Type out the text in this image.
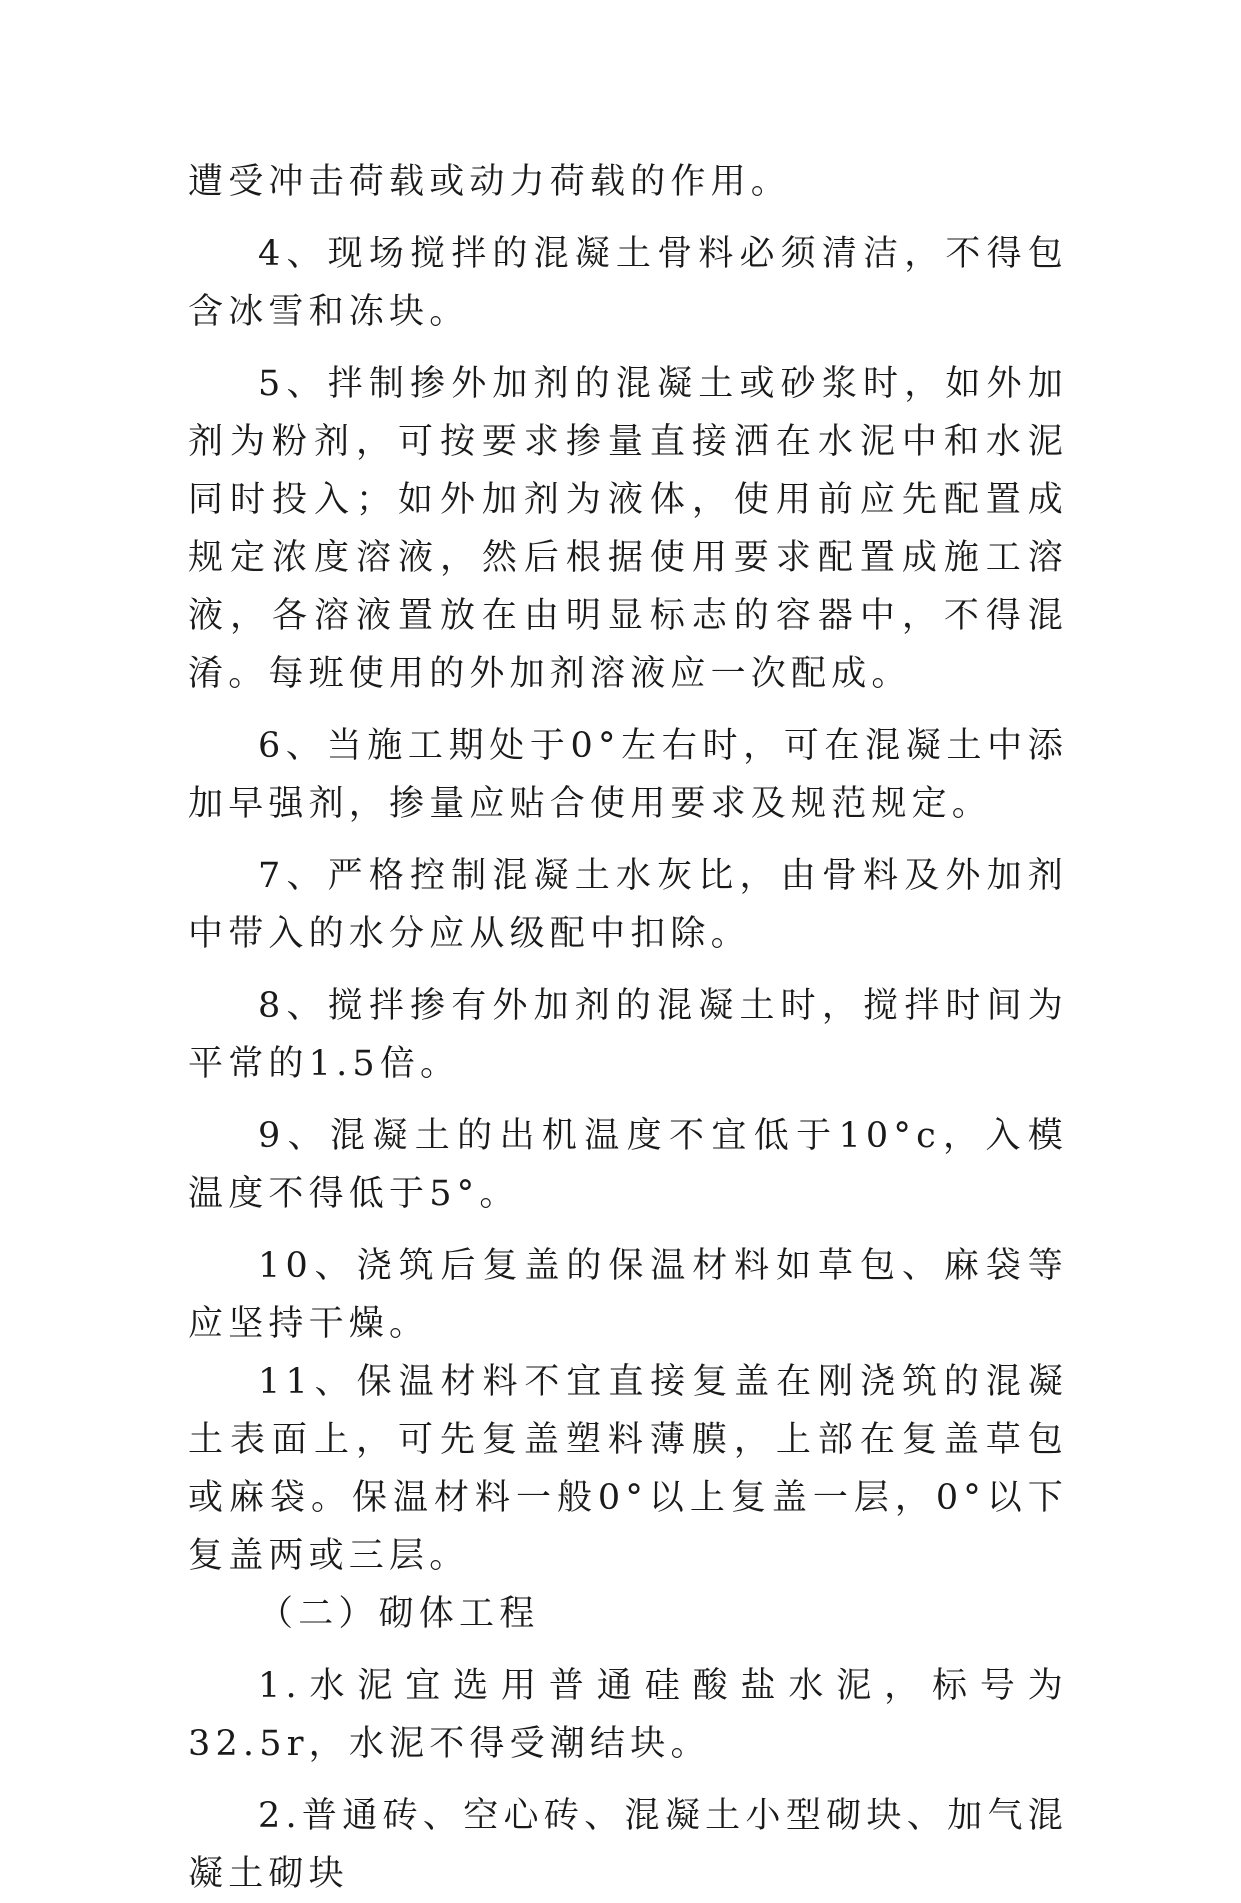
遭受冲击荷载或动力荷载的作用。

4、现场搅拌的混凝土骨料必须清洁，不得包含冰雪和冻块。

5、拌制掺外加剂的混凝土或砂浆时，如外加剂为粉剂，可按要求掺量直接洒在水泥中和水泥同时投入；如外加剂为液体，使用前应先配置成规定浓度溶液，然后根据使用要求配置成施工溶液，各溶液置放在由明显标志的容器中，不得混淆。每班使用的外加剂溶液应一次配成。

6、当施工期处于0°左右时，可在混凝土中添加早强剂，掺量应贴合使用要求及规范规定。

7、严格控制混凝土水灰比，由骨料及外加剂中带入的水分应从级配中扣除。

8、搅拌掺有外加剂的混凝土时，搅拌时间为平常的1.5倍。

9、混凝土的出机温度不宜低于10°c，入模温度不得低于5°。

10、浇筑后复盖的保温材料如草包、麻袋等应坚持干燥。

11、保温材料不宜直接复盖在刚浇筑的混凝土表面上，可先复盖塑料薄膜，上部在复盖草包或麻袋。保温材料一般0°以上复盖一层，0°以下复盖两或三层。

（二）砌体工程

1.水泥宜选用普通硅酸盐水泥，标号为32.5r，水泥不得受潮结块。

2.普通砖、空心砖、混凝土小型砌块、加气混凝土砌块
